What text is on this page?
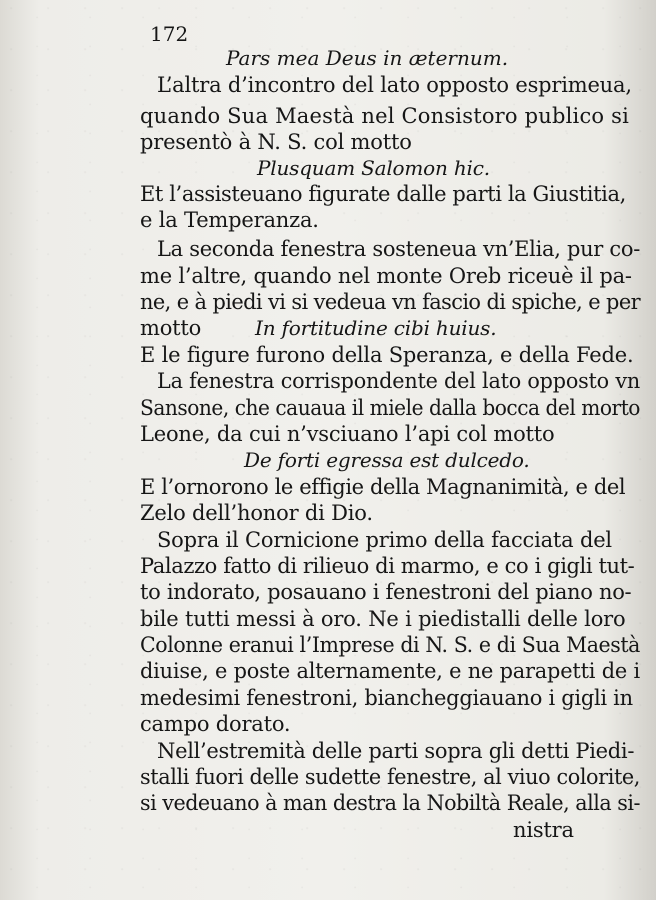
172
Pars mea Deus in æternum.
L’altra d’incontro del lato opposto esprimeua,
quando Sua Maestà nel Consistoro publico si
presentò à N. S. col motto
Plusquam Salomon hic.
Et l’assisteuano figurate dalle parti la Giustitia,
e la Temperanza.
La seconda fenestra sosteneua vn’Elia, pur co-
me l’altre, quando nel monte Oreb riceuè il pa-
ne, e à piedi vi si vedeua vn fascio di spiche, e per
motto	In fortitudine cibi huius.
E le figure furono della Speranza, e della Fede.
La fenestra corrispondente del lato opposto vn
Sansone, che cauaua il miele dalla bocca del morto
Leone, da cui n’vsciuano l’api col motto
De forti egressa est dulcedo.
E l’ornorono le effigie della Magnanimità, e del
Zelo dell’honor di Dio.
Sopra il Cornicione primo della facciata del
Palazzo fatto di rilieuo di marmo, e co i gigli tut-
to indorato, posauano i fenestroni del piano no-
bile tutti messi à oro. Ne i piedistalli delle loro
Colonne eranui l’Imprese di N. S. e di Sua Maestà
diuise, e poste alternamente, e ne parapetti de i
medesimi fenestroni, biancheggiauano i gigli in
campo dorato.
Nell’estremità delle parti sopra gli detti Piedi-
stalli fuori delle sudette fenestre, al viuo colorite,
si vedeuano à man destra la Nobiltà Reale, alla si-
nistra
